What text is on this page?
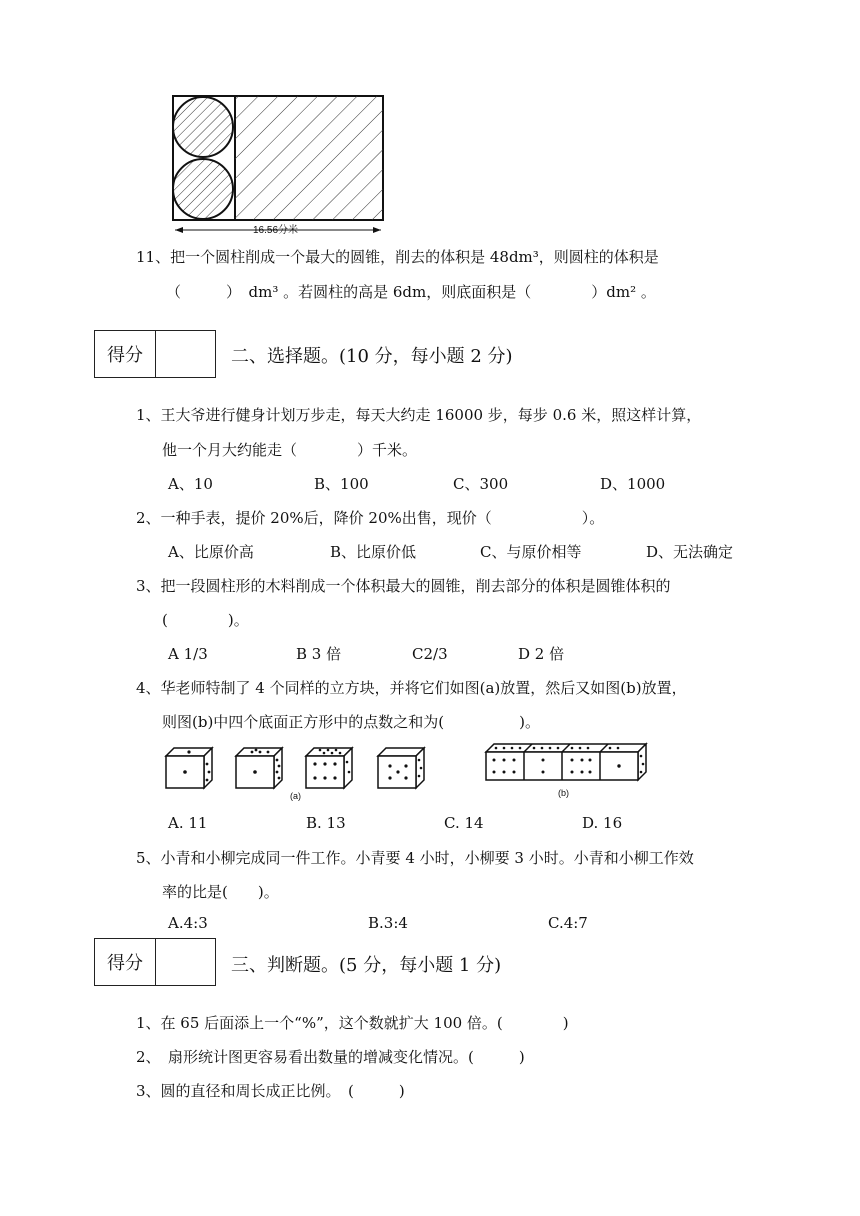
16.56分米
11、把一个圆柱削成一个最大的圆锥，削去的体积是 48dm³，则圆柱的体积是
（　　　）　dm³ 。若圆柱的高是 6dm，则底面积是（　　　　）dm² 。
得分	二、选择题。(10 分，每小题 2 分)
1、王大爷进行健身计划万步走，每天大约走 16000 步，每步 0.6 米，照这样计算，
他一个月大约能走（　　　　）千米。
A、10	B、100	C、300	D、1000
2、一种手表，提价 20%后，降价 20%出售，现价（　　　　　　）。
A、比原价高	B、比原价低	C、与原价相等	D、无法确定
3、把一段圆柱形的木料削成一个体积最大的圆锥，削去部分的体积是圆锥体积的
(　　　　)。
A 1/3	B 3 倍	C2/3	D 2 倍
4、华老师特制了 4 个同样的立方块，并将它们如图(a)放置，然后又如图(b)放置，
则图(b)中四个底面正方形中的点数之和为(　　　　　)。
(a)	(b)
A. 11	B. 13	C. 14	D. 16
5、小青和小柳完成同一件工作。小青要 4 小时，小柳要 3 小时。小青和小柳工作效
率的比是(　　)。
A.4:3	B.3:4	C.4:7
得分	三、判断题。(5 分，每小题 1 分)
1、在 65 后面添上一个“%”，这个数就扩大 100 倍。(　　　　)
2、　扇形统计图更容易看出数量的增减变化情况。(　　　)
3、圆的直径和周长成正比例。　(　　　)
